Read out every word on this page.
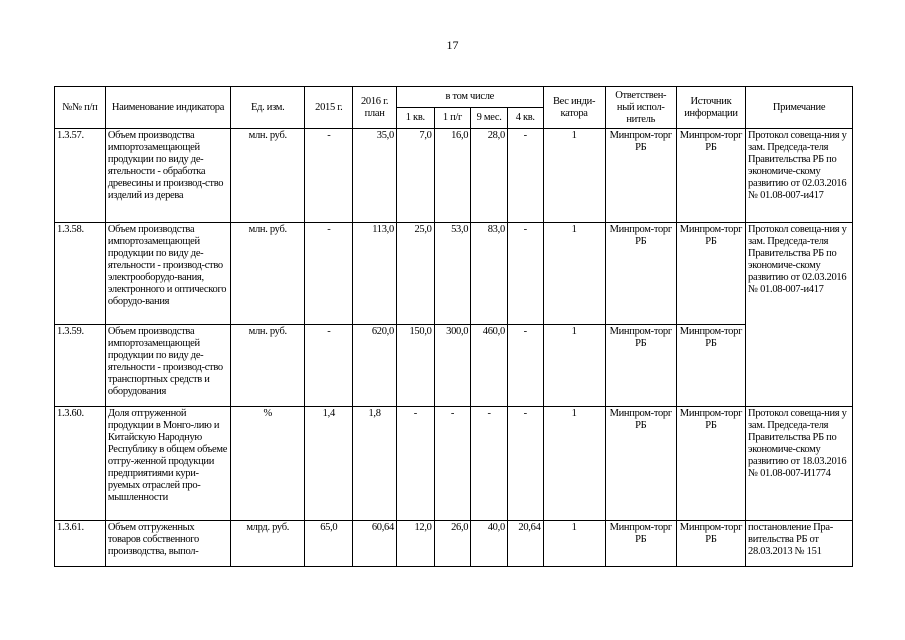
17
№№ п/п	Наименование индикатора	Ед. изм.	2015 г.	2016 г. план	в том числе				Вес инди-катора	Ответствен-ный испол-нитель	Источник информации	Примечание
					1 кв.	1 п/г	9 мес.	4 кв.				
1.3.57.	Объем производства импортозамещающей продукции по виду де-ятельности - обработка древесины и производ-ство изделий из дерева	млн. руб.	-	35,0	7,0	16,0	28,0	-	1	Минпром-торг РБ	Минпром-торг РБ	Протокол совеща-ния у зам. Председа-теля Правительства РБ по экономиче-скому развитию от 02.03.2016 № 01.08-007-и417
1.3.58.	Объем производства импортозамещающей продукции по виду де-ятельности - производ-ство электрооборудо-вания, электронного и оптического оборудо-вания	млн. руб.	-	113,0	25,0	53,0	83,0	-	1	Минпром-торг РБ	Минпром-торг РБ	Протокол совеща-ния у зам. Председа-теля Правительства РБ по экономиче-скому развитию от 02.03.2016 № 01.08-007-и417
1.3.59.	Объем производства импортозамещающей продукции по виду де-ятельности - производ-ство транспортных средств и оборудования	млн. руб.	-	620,0	150,0	300,0	460,0	-	1	Минпром-торг РБ	Минпром-торг РБ	
1.3.60.	Доля отгруженной продукции в Монго-лию и Китайскую Народную Республику в общем объеме отгру-женной продукции предприятиями кури-руемых отраслей про-мышленности	%	1,4	1,8	-	-	-	-	1	Минпром-торг РБ	Минпром-торг РБ	Протокол совеща-ния у зам. Председа-теля Правительства РБ по экономиче-скому развитию от 18.03.2016 № 01.08-007-И1774
1.3.61.	Объем отгруженных товаров собственного производства, выпол-	млрд. руб.	65,0	60,64	12,0	26,0	40,0	20,64	1	Минпром-торг РБ	Минпром-торг РБ	постановление Пра-вительства РБ от 28.03.2013 № 151
